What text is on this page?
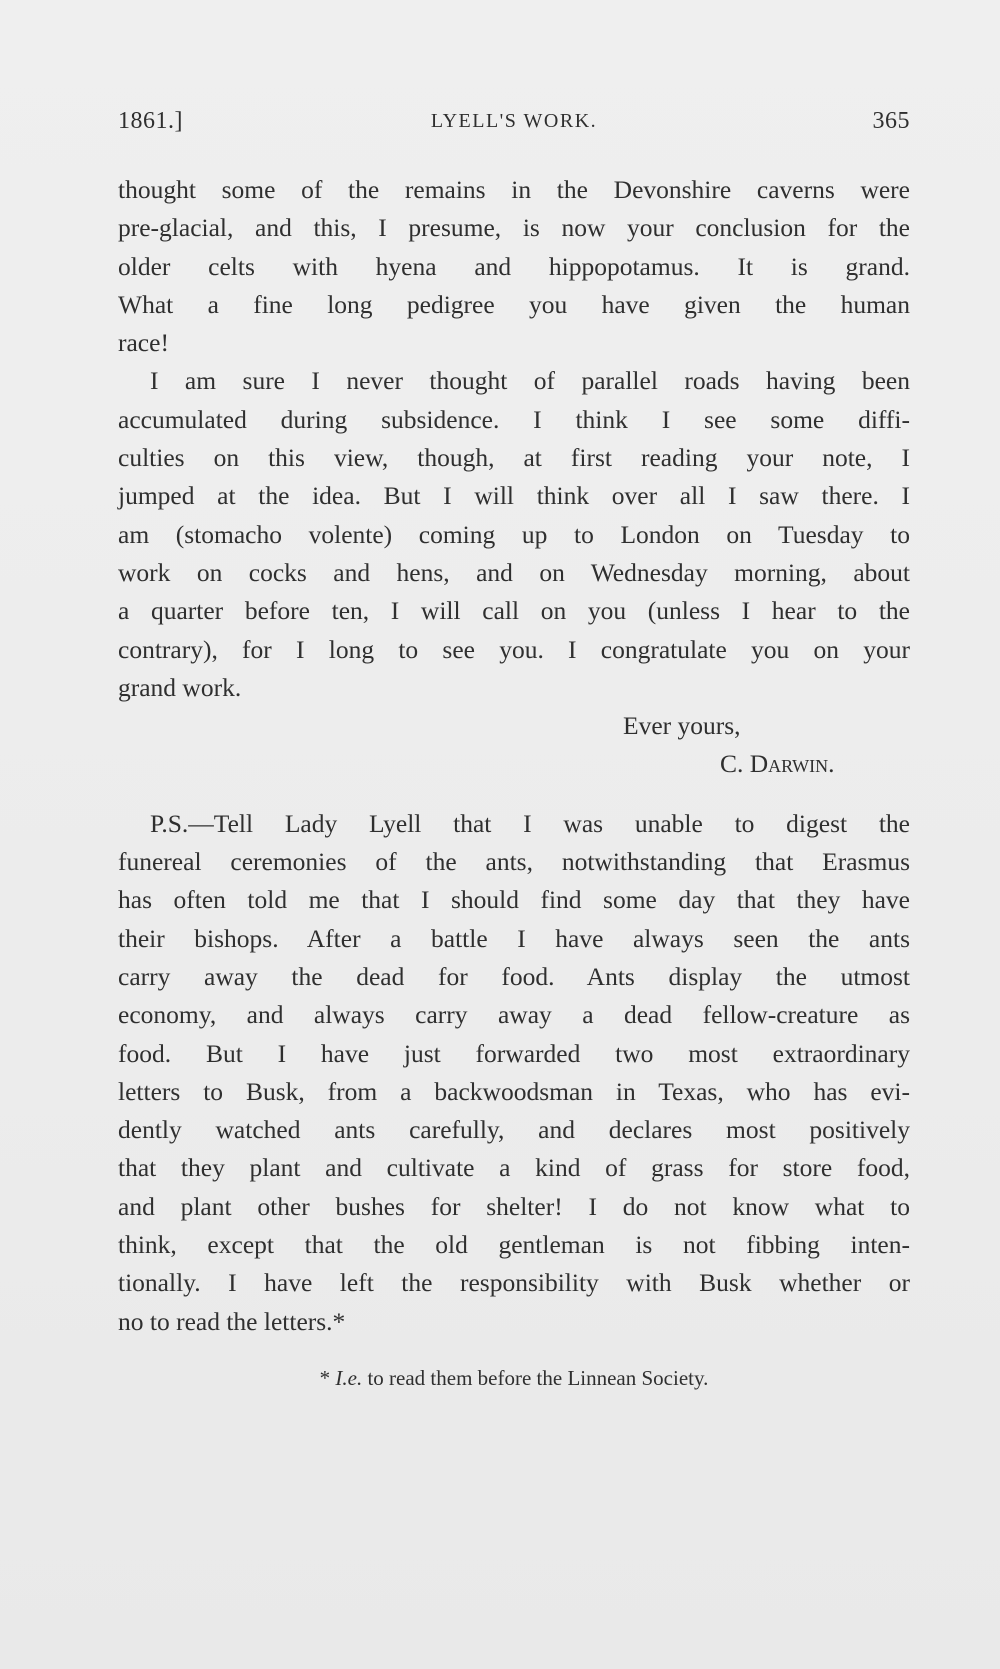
1861.]	LYELL'S WORK.	365
thought some of the remains in the Devonshire caverns were
pre-glacial, and this, I presume, is now your conclusion for the
older celts with hyena and hippopotamus. It is grand.
What a fine long pedigree you have given the human
race!
I am sure I never thought of parallel roads having been
accumulated during subsidence. I think I see some diffi-
culties on this view, though, at first reading your note, I
jumped at the idea. But I will think over all I saw there. I
am (stomacho volente) coming up to London on Tuesday to
work on cocks and hens, and on Wednesday morning, about
a quarter before ten, I will call on you (unless I hear to the
contrary), for I long to see you. I congratulate you on your
grand work.
Ever yours,
C. Darwin.
P.S.—Tell Lady Lyell that I was unable to digest the
funereal ceremonies of the ants, notwithstanding that Erasmus
has often told me that I should find some day that they have
their bishops. After a battle I have always seen the ants
carry away the dead for food. Ants display the utmost
economy, and always carry away a dead fellow-creature as
food. But I have just forwarded two most extraordinary
letters to Busk, from a backwoodsman in Texas, who has evi-
dently watched ants carefully, and declares most positively
that they plant and cultivate a kind of grass for store food,
and plant other bushes for shelter! I do not know what to
think, except that the old gentleman is not fibbing inten-
tionally. I have left the responsibility with Busk whether or
no to read the letters.*
* I.e. to read them before the Linnean Society.
